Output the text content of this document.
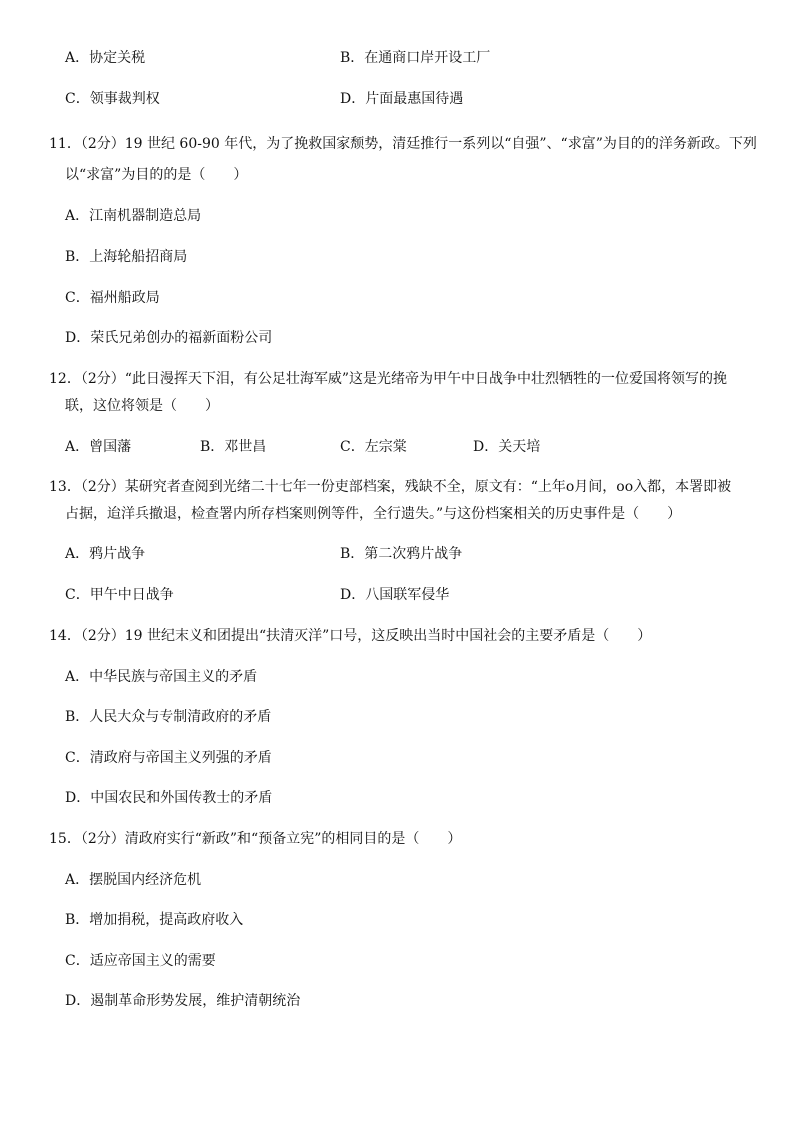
A．协定关税	B．在通商口岸开设工厂
C．领事裁判权	D．片面最惠国待遇
11．（2分）19 世纪 60-90 年代，为了挽救国家颓势，清廷推行一系列以“自强”、“求富”为目的的洋务新政。下列
以“求富”为目的的是（　　）
A．江南机器制造总局
B．上海轮船招商局
C．福州船政局
D．荣氏兄弟创办的福新面粉公司
12．（2分）“此日漫挥天下泪，有公足壮海军威”这是光绪帝为甲午中日战争中壮烈牺牲的一位爱国将领写的挽
联，这位将领是（　　）
A．曾国藩	B．邓世昌	C．左宗棠	D．关天培
13．（2分）某研究者查阅到光绪二十七年一份吏部档案，残缺不全，原文有：“上年o月间，oo入都，本署即被
占据，迨洋兵撤退，检查署内所存档案则例等件，全行遗失。”与这份档案相关的历史事件是（　　）
A．鸦片战争	B．第二次鸦片战争
C．甲午中日战争	D．八国联军侵华
14．（2分）19 世纪末义和团提出“扶清灭洋”口号，这反映出当时中国社会的主要矛盾是（　　）
A．中华民族与帝国主义的矛盾
B．人民大众与专制清政府的矛盾
C．清政府与帝国主义列强的矛盾
D．中国农民和外国传教士的矛盾
15．（2分）清政府实行“新政”和“预备立宪”的相同目的是（　　）
A．摆脱国内经济危机
B．增加捐税，提高政府收入
C．适应帝国主义的需要
D．遏制革命形势发展，维护清朝统治
